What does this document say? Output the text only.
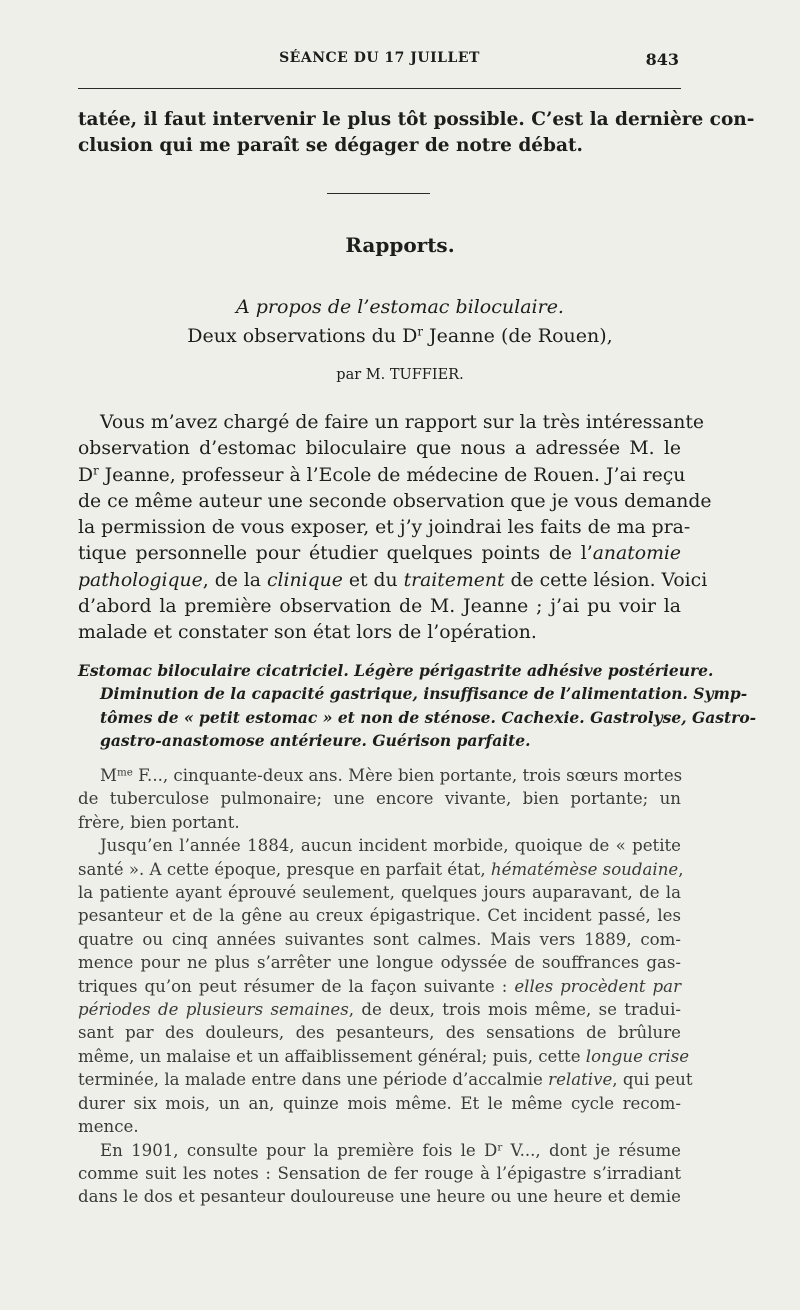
SÉANCE DU 17 JUILLET	843
tatée, il faut intervenir le plus tôt possible. C’est la dernière con-
clusion qui me paraît se dégager de notre débat.
Rapports.
A propos de l’estomac biloculaire.
Deux observations du $D^r$ Jeanne (de Rouen),
par M. TUFFIER.
Vous m’avez chargé de faire un rapport sur la très intéressante
observation d’estomac biloculaire que nous a adressée M. le
$D^r$ Jeanne, professeur à l’Ecole de médecine de Rouen. J’ai reçu
de ce même auteur une seconde observation que je vous demande
la permission de vous exposer, et j’y joindrai les faits de ma pra-
tique personnelle pour étudier quelques points de l’anatomie
pathologique, de la clinique et du traitement de cette lésion. Voici
d’abord la première observation de M. Jeanne ; j’ai pu voir la
malade et constater son état lors de l’opération.
Estomac biloculaire cicatriciel. Légère périgastrite adhésive postérieure.
Diminution de la capacité gastrique, insuffisance de l’alimentation. Symp-
tômes de « petit estomac » et non de sténose. Cachexie. Gastrolyse, Gastro-
gastro-anastomose antérieure. Guérison parfaite.
$M^{me}$ F..., cinquante-deux ans. Mère bien portante, trois sœurs mortes
de tuberculose pulmonaire; une encore vivante, bien portante; un
frère, bien portant.
Jusqu’en l’année 1884, aucun incident morbide, quoique de « petite
santé ». A cette époque, presque en parfait état, hématémèse soudaine,
la patiente ayant éprouvé seulement, quelques jours auparavant, de la
pesanteur et de la gêne au creux épigastrique. Cet incident passé, les
quatre ou cinq années suivantes sont calmes. Mais vers 1889, com-
mence pour ne plus s’arrêter une longue odyssée de souffrances gas-
triques qu’on peut résumer de la façon suivante : elles procèdent par
périodes de plusieurs semaines, de deux, trois mois même, se tradui-
sant par des douleurs, des pesanteurs, des sensations de brûlure
même, un malaise et un affaiblissement général; puis, cette longue crise
terminée, la malade entre dans une période d’accalmie relative, qui peut
durer six mois, un an, quinze mois même. Et le même cycle recom-
mence.
En 1901, consulte pour la première fois le $D^r$ V..., dont je résume
comme suit les notes : Sensation de fer rouge à l’épigastre s’irradiant
dans le dos et pesanteur douloureuse une heure ou une heure et demie
